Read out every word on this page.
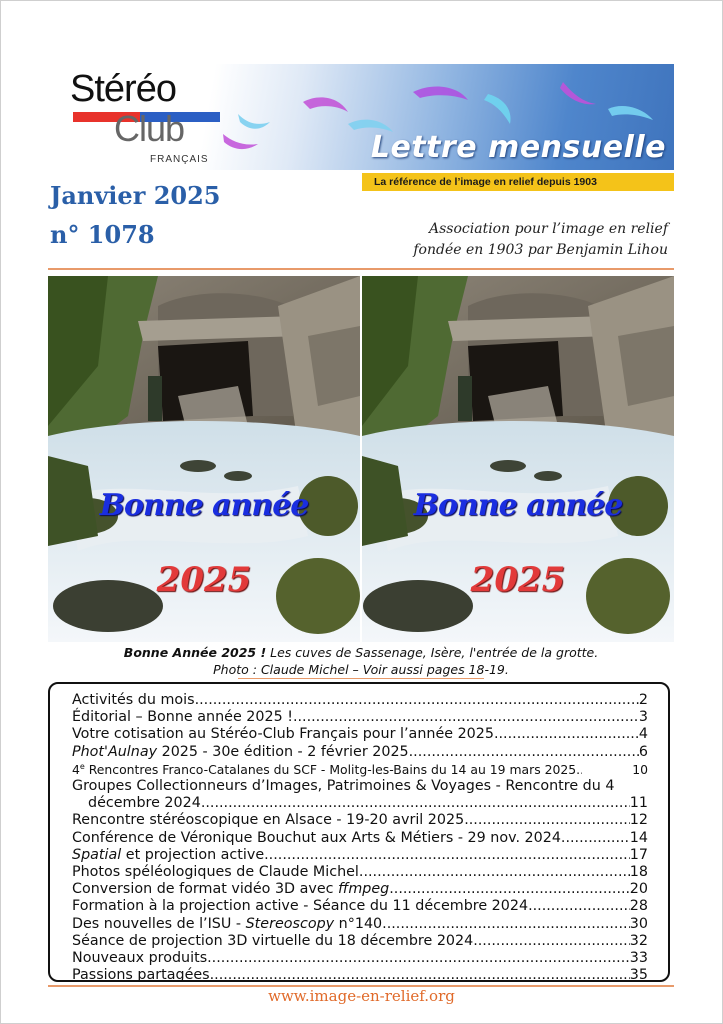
Stéréo
Club
FRANÇAIS	Lettre mensuelle
La référence de l’image en relief depuis 1903
Janvier 2025
n° 1078	Association pour l’image en relief
fondée en 1903 par Benjamin Lihou
Bonne année
2025
Bonne année
2025
Bonne Année 2025 ! Les cuves de Sassenage, Isère, l'entrée de la grotte.
Photo : Claude Michel – Voir aussi pages 18-19.
Activités du mois .....	2
Éditorial – Bonne année 2025 ! .....	3
Votre cotisation au Stéréo-Club Français pour l’année 2025 .....	4
Phot'Aulnay 2025 - 30e édition - 2 février 2025 .....	6
4e Rencontres Franco-Catalanes du SCF - Molitg-les-Bains du 14 au 19 mars 2025. .....	10
Groupes Collectionneurs d’Images, Patrimoines & Voyages - Rencontre du 4
décembre 2024 .....	11
Rencontre stéréoscopique en Alsace - 19-20 avril 2025 .....	12
Conférence de Véronique Bouchut aux Arts & Métiers - 29 nov. 2024 .....	14
Spatial et projection active .....	17
Photos spéléologiques de Claude Michel .....	18
Conversion de format vidéo 3D avec ffmpeg .....	20
Formation à la projection active - Séance du 11 décembre 2024 .....	28
Des nouvelles de l’ISU - Stereoscopy n°140 .....	30
Séance de projection 3D virtuelle du 18 décembre 2024 .....	32
Nouveaux produits .....	33
Passions partagées .....	35
www.image-en-relief.org
